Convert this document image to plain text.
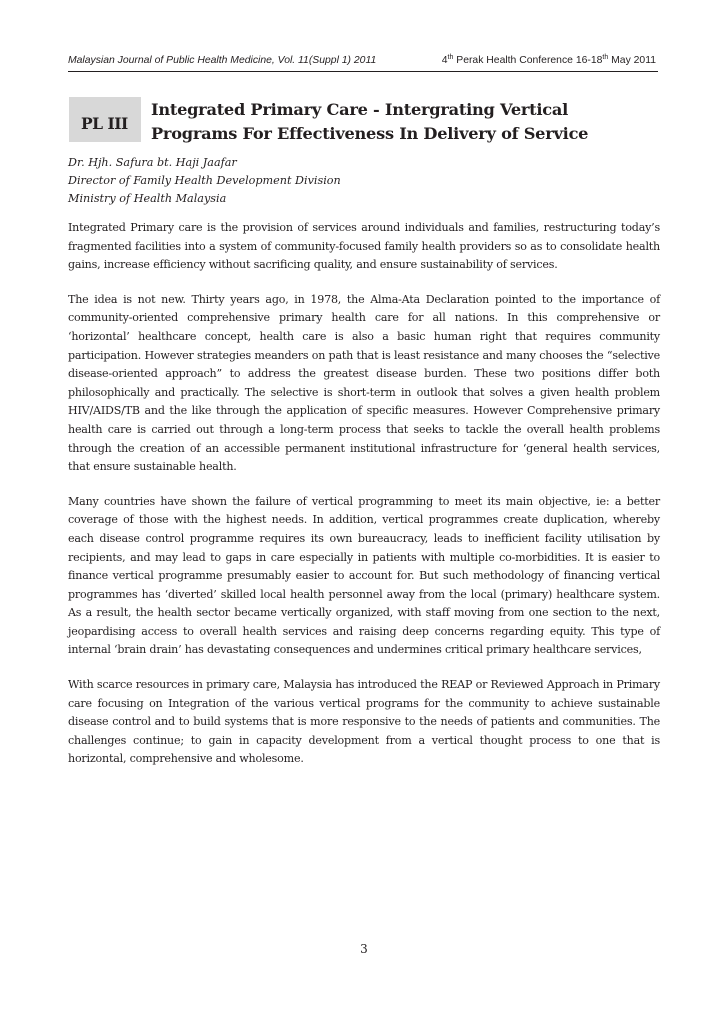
Malaysian Journal of Public Health Medicine, Vol. 11(Suppl 1) 2011	4th Perak Health Conference 16-18th May 2011
PL III
Integrated Primary Care - Intergrating Vertical
Programs For Effectiveness In Delivery of Service
Dr. Hjh. Safura bt. Haji Jaafar
Director of Family Health Development Division
Ministry of Health Malaysia

Integrated Primary care is the provision of services around individuals and families, restructuring today’s fragmented facilities into a system of community-focused family health providers so as to consolidate health gains, increase efficiency without sacrificing quality, and ensure sustainability of services.

The idea is not new. Thirty years ago, in 1978, the Alma-Ata Declaration pointed to the importance of community-oriented comprehensive primary health care for all nations. In this comprehensive or ‘horizontal’ healthcare concept, health care is also a basic human right that requires community participation. However strategies meanders on path that is least resistance and many chooses the “selective disease-oriented approach” to address the greatest disease burden. These two positions differ both philosophically and practically. The selective is short-term in outlook that solves a given health problem HIV/AIDS/TB and the like through the application of specific measures. However Comprehensive primary health care is carried out through a long-term process that seeks to tackle the overall health problems through the creation of an accessible permanent institutional infrastructure for ‘general health services, that ensure sustainable health.

Many countries have shown the failure of vertical programming to meet its main objective, ie: a better coverage of those with the highest needs. In addition, vertical programmes create duplication, whereby each disease control programme requires its own bureaucracy, leads to inefficient facility utilisation by recipients, and may lead to gaps in care especially in patients with multiple co-morbidities. It is easier to finance vertical programme presumably easier to account for. But such methodology of financing vertical programmes has ‘diverted’ skilled local health personnel away from the local (primary) healthcare system. As a result, the health sector became vertically organized, with staff moving from one section to the next, jeopardising access to overall health services and raising deep concerns regarding equity. This type of internal ‘brain drain’ has devastating consequences and undermines critical primary healthcare services,

With scarce resources in primary care, Malaysia has introduced the REAP or Reviewed Approach in Primary care focusing on Integration of the various vertical programs for the community to achieve sustainable disease control and to build systems that is more responsive to the needs of patients and communities. The challenges continue; to gain in capacity development from a vertical thought process to one that is horizontal, comprehensive and wholesome.

3
